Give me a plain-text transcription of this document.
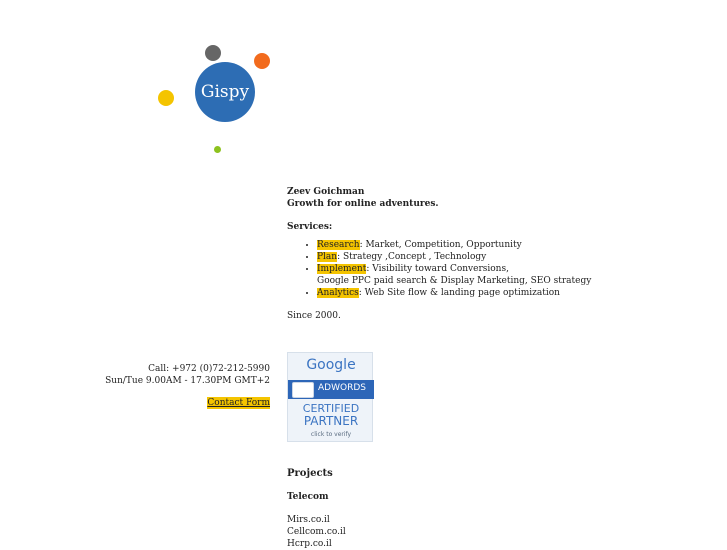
Gispy

Zeev Goichman

Growth for online adventures.

Services:

• Research: Market, Competition, Opportunity
• Plan: Strategy ,Concept , Technology
• Implement: Visibility toward Conversions,
Google PPC paid search & Display Marketing, SEO strategy
• Analytics: Web Site flow & landing page optimization

Since 2000.

Call: +972 (0)72-212-5990
Sun/Tue 9.00AM - 17.30PM GMT+2
Contact Form
Google
ADWORDS
CERTIFIED
PARTNER
click to verify
Projects
Telecom
Mirs.co.il
Cellcom.co.il
Hcrp.co.il
